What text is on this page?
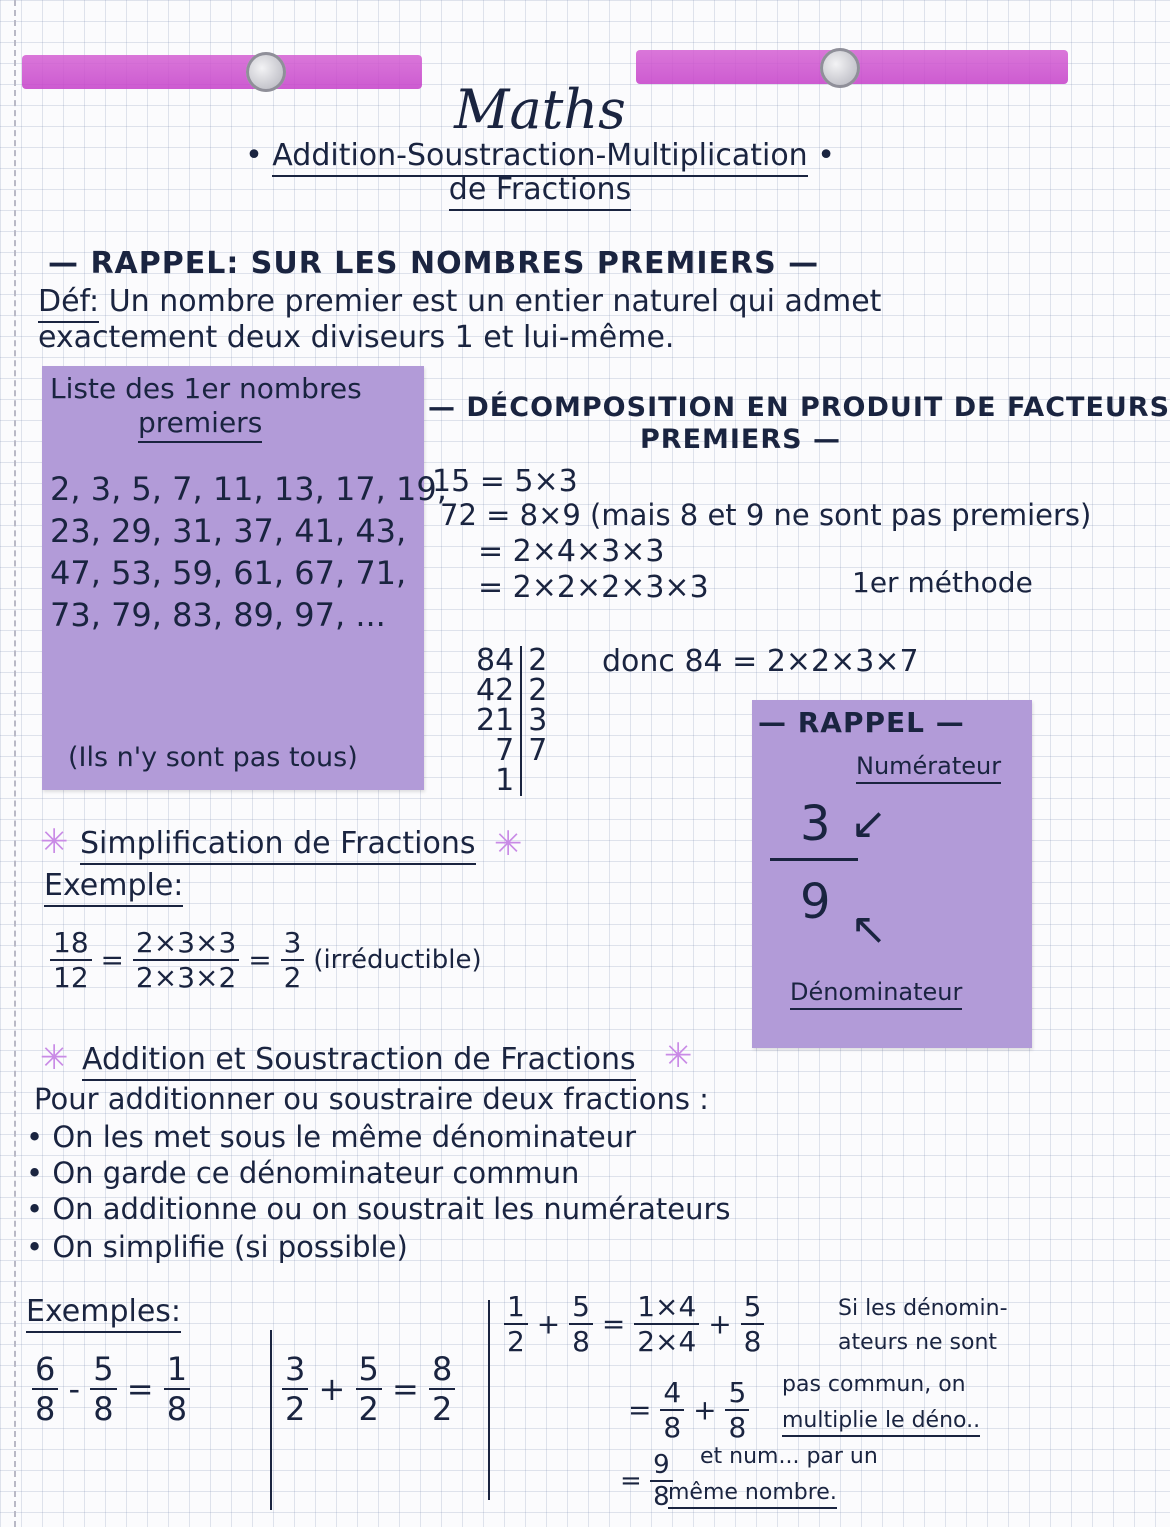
Maths
• Addition-Soustraction-Multiplication •
de Fractions
— RAPPEL: SUR LES NOMBRES PREMIERS —
Déf: Un nombre premier est un entier naturel qui admet
exactement deux diviseurs 1 et lui-même.
Liste des 1er nombres
premiers
2, 3, 5, 7, 11, 13, 17, 19,
23, 29, 31, 37, 41, 43,
47, 53, 59, 61, 67, 71,
73, 79, 83, 89, 97, ...
(Ils n'y sont pas tous)
— DÉCOMPOSITION EN PRODUIT DE FACTEURS
PREMIERS —
15 = 5×3
72 = 8×9 (mais 8 et 9 ne sont pas premiers)
= 2×4×3×3
= 2×2×2×3×3	1er méthode
84	2
42	2
21	3
7	7
1	
donc 84 = 2×2×3×7
— RAPPEL —
Numérateur
3 ↙
9 ↖
Dénominateur
✳ Simplification de Fractions ✳
Exemple:
$\frac{18}{12} = \frac{2\times 3\times 3}{2\times 3\times 2} = \frac{3}{2}$ (irréductible)
✳ Addition et Soustraction de Fractions ✳
Pour additionner ou soustraire deux fractions :
• On les met sous le même dénominateur
• On garde ce dénominateur commun
• On additionne ou on soustrait les numérateurs
• On simplifie (si possible)
Exemples:
$\frac{6}{8} - \frac{5}{8} = \frac{1}{8}$	$\frac{3}{2} + \frac{5}{2} = \frac{8}{2}$
$\frac{1}{2} + \frac{5}{8} = \frac{1\times 4}{2\times 4} + \frac{5}{8}$
= $\frac{4}{8} + \frac{5}{8}$
= $\frac{9}{8}$
Si les dénomin-
ateurs ne sont
pas commun, on
multiplie le déno..
et num... par un
même nombre.
